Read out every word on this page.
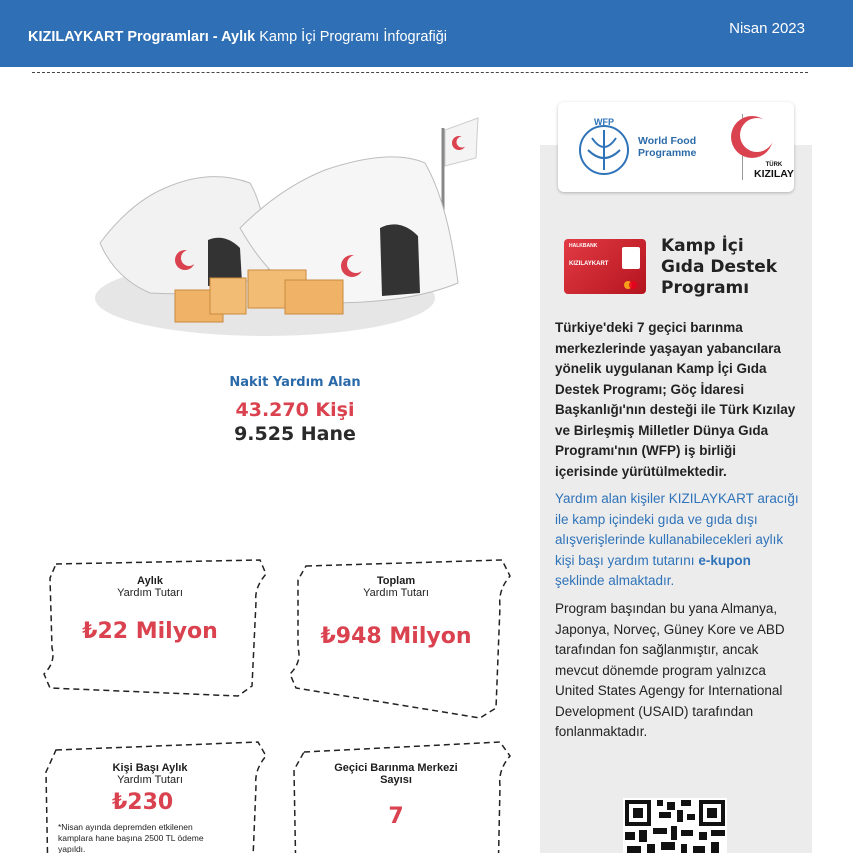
KIZILAYKART Programları - Aylık Kamp İçi Programı İnfografiği	Nisan 2023
Nakit Yardım Alan
43.270 Kişi
9.525 Hane
Aylık
Yardım Tutarı
₺22 Milyon
Toplam
Yardım Tutarı
₺948 Milyon
Kişi Başı Aylık
Yardım Tutarı
₺230
*Nisan ayında depremden etkilenen kamplara hane başına 2500 TL ödeme yapıldı.
Geçici Barınma Merkezi
Sayısı
7
WFP
World Food
Programme
TÜRK
KIZILAY
HALKBANK
KIZILAYKART
Kamp İçi
Gıda Destek
Programı
Türkiye'deki 7 geçici barınma merkezlerinde yaşayan yabancılara yönelik uygulanan Kamp İçi Gıda Destek Programı; Göç İdaresi Başkanlığı'nın desteği ile Türk Kızılay ve Birleşmiş Milletler Dünya Gıda Programı'nın (WFP) iş birliği içerisinde yürütülmektedir.
Yardım alan kişiler KIZILAYKART aracığı ile kamp içindeki gıda ve gıda dışı alışverişlerinde kullanabilecekleri aylık kişi başı yardım tutarını e-kupon şeklinde almaktadır.
Program başından bu yana Almanya, Japonya, Norveç, Güney Kore ve ABD tarafından fon sağlanmıştır, ancak mevcut dönemde program yalnızca United States Agengy for International Development (USAID) tarafından fonlanmaktadır.
